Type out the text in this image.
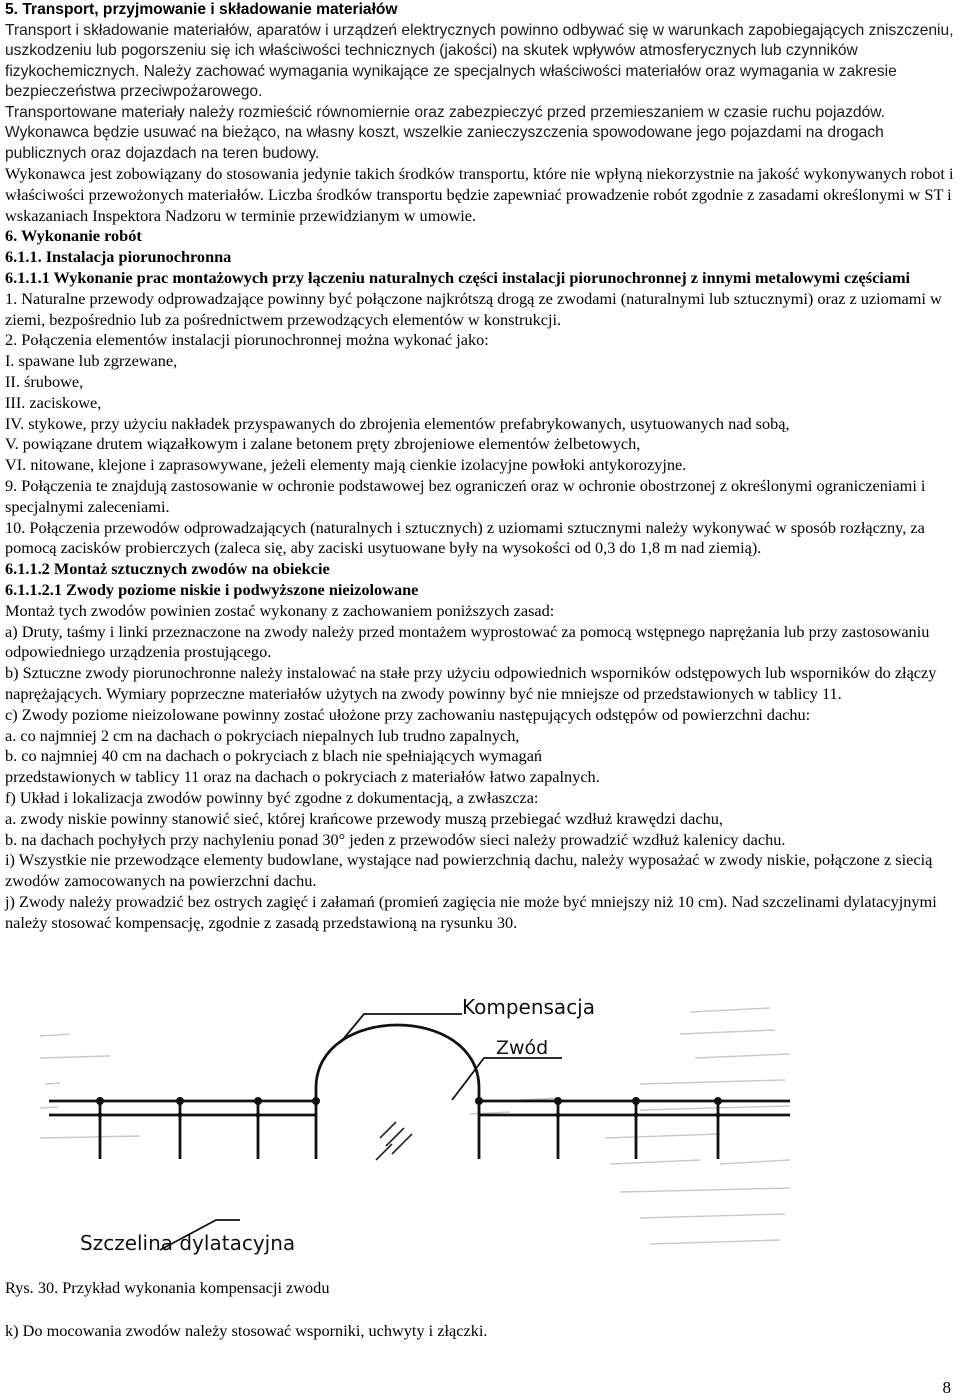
5. Transport, przyjmowanie i składowanie materiałów

Transport i składowanie materiałów, aparatów i urządzeń elektrycznych powinno odbywać się w warunkach zapobiegających zniszczeniu, uszkodzeniu lub pogorszeniu się ich właściwości technicznych (jakości) na skutek wpływów atmosferycznych lub czynników fizykochemicznych. Należy zachować wymagania wynikające ze specjalnych właściwości materiałów oraz wymagania w zakresie bezpieczeństwa przeciwpożarowego.

Transportowane materiały należy rozmieścić równomiernie oraz zabezpieczyć przed przemieszaniem w czasie ruchu pojazdów. Wykonawca będzie usuwać na bieżąco, na własny koszt, wszelkie zanieczyszczenia spowodowane jego pojazdami na drogach publicznych oraz dojazdach na teren budowy.

Wykonawca jest zobowiązany do stosowania jedynie takich środków transportu, które nie wpłyną niekorzystnie na jakość wykonywanych robot i właściwości przewożonych materiałów. Liczba środków transportu będzie zapewniać prowadzenie robót zgodnie z zasadami określonymi w ST i wskazaniach Inspektora Nadzoru w terminie przewidzianym w umowie.

6. Wykonanie robót

6.1.1. Instalacja piorunochronna

6.1.1.1 Wykonanie prac montażowych przy łączeniu naturalnych części instalacji piorunochronnej z innymi metalowymi częściami

1. Naturalne przewody odprowadzające powinny być połączone najkrótszą drogą ze zwodami (naturalnymi lub sztucznymi) oraz z uziomami w ziemi, bezpośrednio lub za pośrednictwem przewodzących elementów w konstrukcji.

2. Połączenia elementów instalacji piorunochronnej można wykonać jako:

I. spawane lub zgrzewane,

II. śrubowe,

III. zaciskowe,

IV. stykowe, przy użyciu nakładek przyspawanych do zbrojenia elementów prefabrykowanych, usytuowanych nad sobą,

V. powiązane drutem wiązałkowym i zalane betonem pręty zbrojeniowe elementów żelbetowych,

VI. nitowane, klejone i zaprasowywane, jeżeli elementy mają cienkie izolacyjne powłoki antykorozyjne.

9. Połączenia te znajdują zastosowanie w ochronie podstawowej bez ograniczeń oraz w ochronie obostrzonej z określonymi ograniczeniami i specjalnymi zaleceniami.

10. Połączenia przewodów odprowadzających (naturalnych i sztucznych) z uziomami sztucznymi należy wykonywać w sposób rozłączny, za pomocą zacisków probierczych (zaleca się, aby zaciski usytuowane były na wysokości od 0,3 do 1,8 m nad ziemią).

6.1.1.2 Montaż sztucznych zwodów na obiekcie

6.1.1.2.1 Zwody poziome niskie i podwyższone nieizolowane

Montaż tych zwodów powinien zostać wykonany z zachowaniem poniższych zasad:

a) Druty, taśmy i linki przeznaczone na zwody należy przed montażem wyprostować za pomocą wstępnego naprężania lub przy zastosowaniu odpowiedniego urządzenia prostującego.

b) Sztuczne zwody piorunochronne należy instalować na stałe przy użyciu odpowiednich wsporników odstępowych lub wsporników do złączy naprężających. Wymiary poprzeczne materiałów użytych na zwody powinny być nie mniejsze od przedstawionych w tablicy 11.

c) Zwody poziome nieizolowane powinny zostać ułożone przy zachowaniu następujących odstępów od powierzchni dachu:

a. co najmniej 2 cm na dachach o pokryciach niepalnych lub trudno zapalnych,

b. co najmniej 40 cm na dachach o pokryciach z blach nie spełniających wymagań

przedstawionych w tablicy 11 oraz na dachach o pokryciach z materiałów łatwo zapalnych.

f) Układ i lokalizacja zwodów powinny być zgodne z dokumentacją, a zwłaszcza:

a. zwody niskie powinny stanowić sieć, której krańcowe przewody muszą przebiegać wzdłuż krawędzi dachu,

b. na dachach pochyłych przy nachyleniu ponad 30° jeden z przewodów sieci należy prowadzić wzdłuż kalenicy dachu.

i) Wszystkie nie przewodzące elementy budowlane, wystające nad powierzchnią dachu, należy wyposażać w zwody niskie, połączone z siecią zwodów zamocowanych na powierzchni dachu.

j) Zwody należy prowadzić bez ostrych zagięć i załamań (promień zagięcia nie może być mniejszy niż 10 cm). Nad szczelinami dylatacyjnymi należy stosować kompensację, zgodnie z zasadą przedstawioną na rysunku 30.

Kompensacja
Zwód
Szczelina dylatacyjna

Rys. 30. Przykład wykonania kompensacji zwodu

k) Do mocowania zwodów należy stosować wsporniki, uchwyty i złączki.

8
